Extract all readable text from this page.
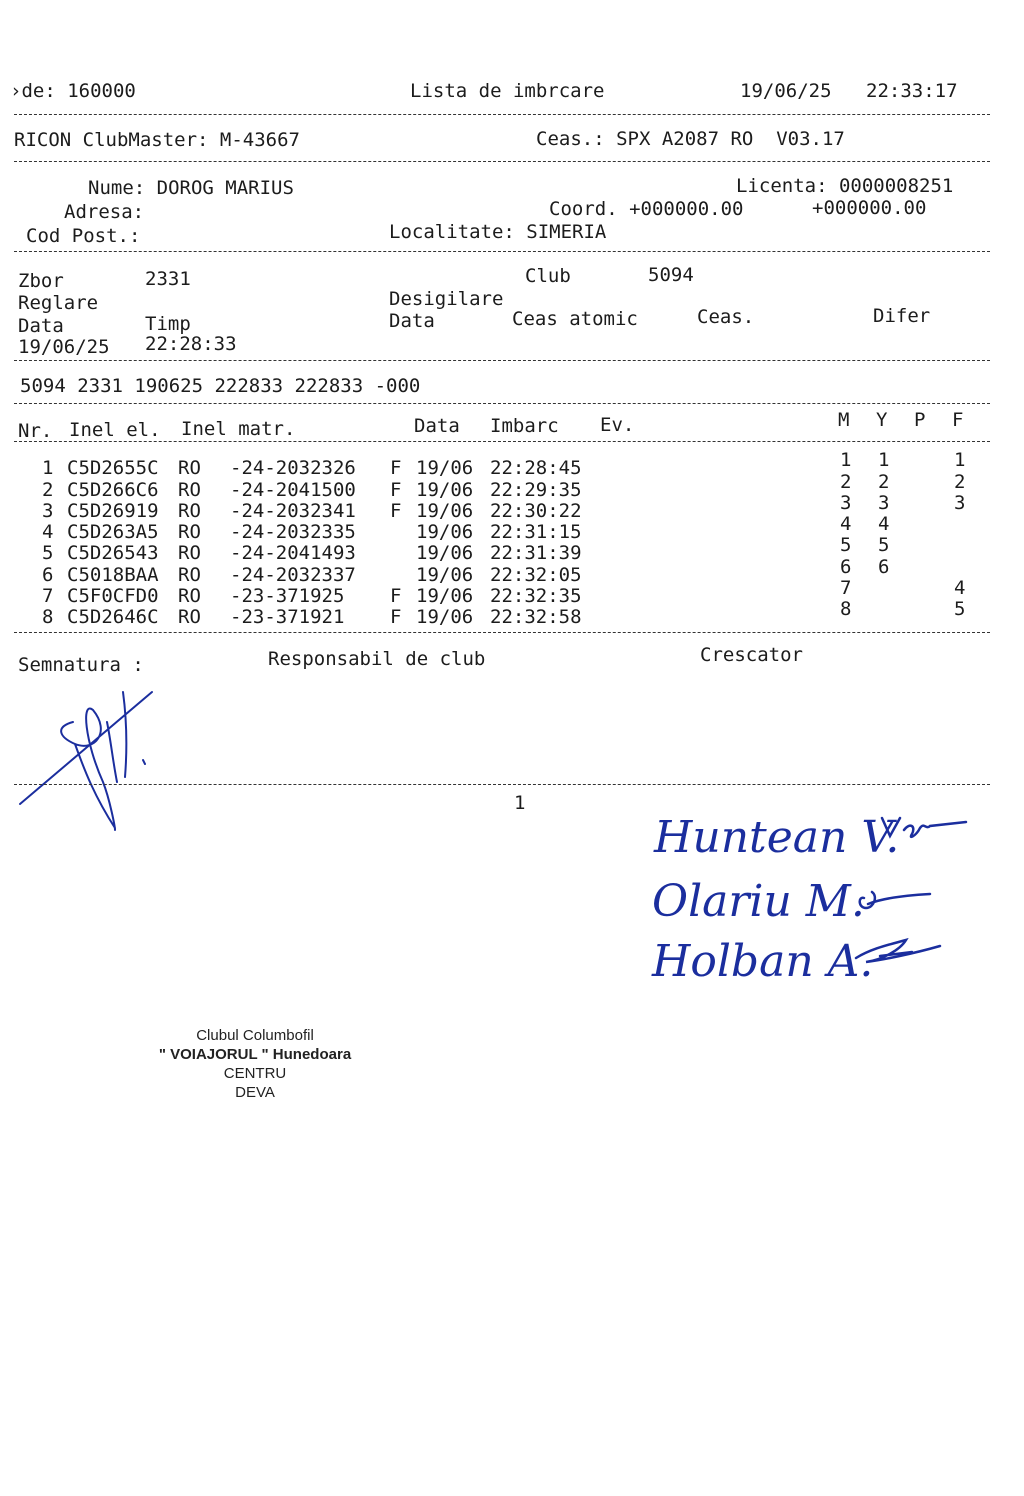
›de: 160000	Lista de imbrcare	19/06/25 22:33:17
RICON ClubMaster: M-43667	Ceas.: SPX A2087 RO  V03.17
Nume: DOROG MARIUS	Licenta: 0000008251
Adresa:	Coord. +000000.00	+000000.00
Cod Post.:	Localitate: SIMERIA
Zbor	2331	Club	5094
Reglare	Desigilare
Data	Timp	Data	Ceas atomic	Ceas.	Difer
19/06/25 22:28:33
5094 2331 190625 222833 222833 -000
Nr. Inel el. Inel matr.	Data Imbarc Ev.	M Y P F
1 C5D2655C RO -24-2032326 F 19/06 22:28:45	1 1	1
2 C5D266C6 RO -24-2041500 F 19/06 22:29:35	2 2	2
3 C5D26919 RO -24-2032341 F 19/06 22:30:22	3 3	3
4 C5D263A5 RO -24-2032335	19/06 22:31:15	4 4
5 C5D26543 RO -24-2041493	19/06 22:31:39	5 5
6 C5018BAA RO -24-2032337	19/06 22:32:05	6 6
7 C5F0CFD0 RO -23-371925 F 19/06 22:32:35	7	4
8 C5D2646C RO -23-371921 F 19/06 22:32:58	8	5
Semnatura :	Responsabil de club	Crescator
1
Huntean V.
Olariu M.
Holban A.
Clubul Columbofil
" VOIAJORUL " Hunedoara
CENTRU
DEVA
